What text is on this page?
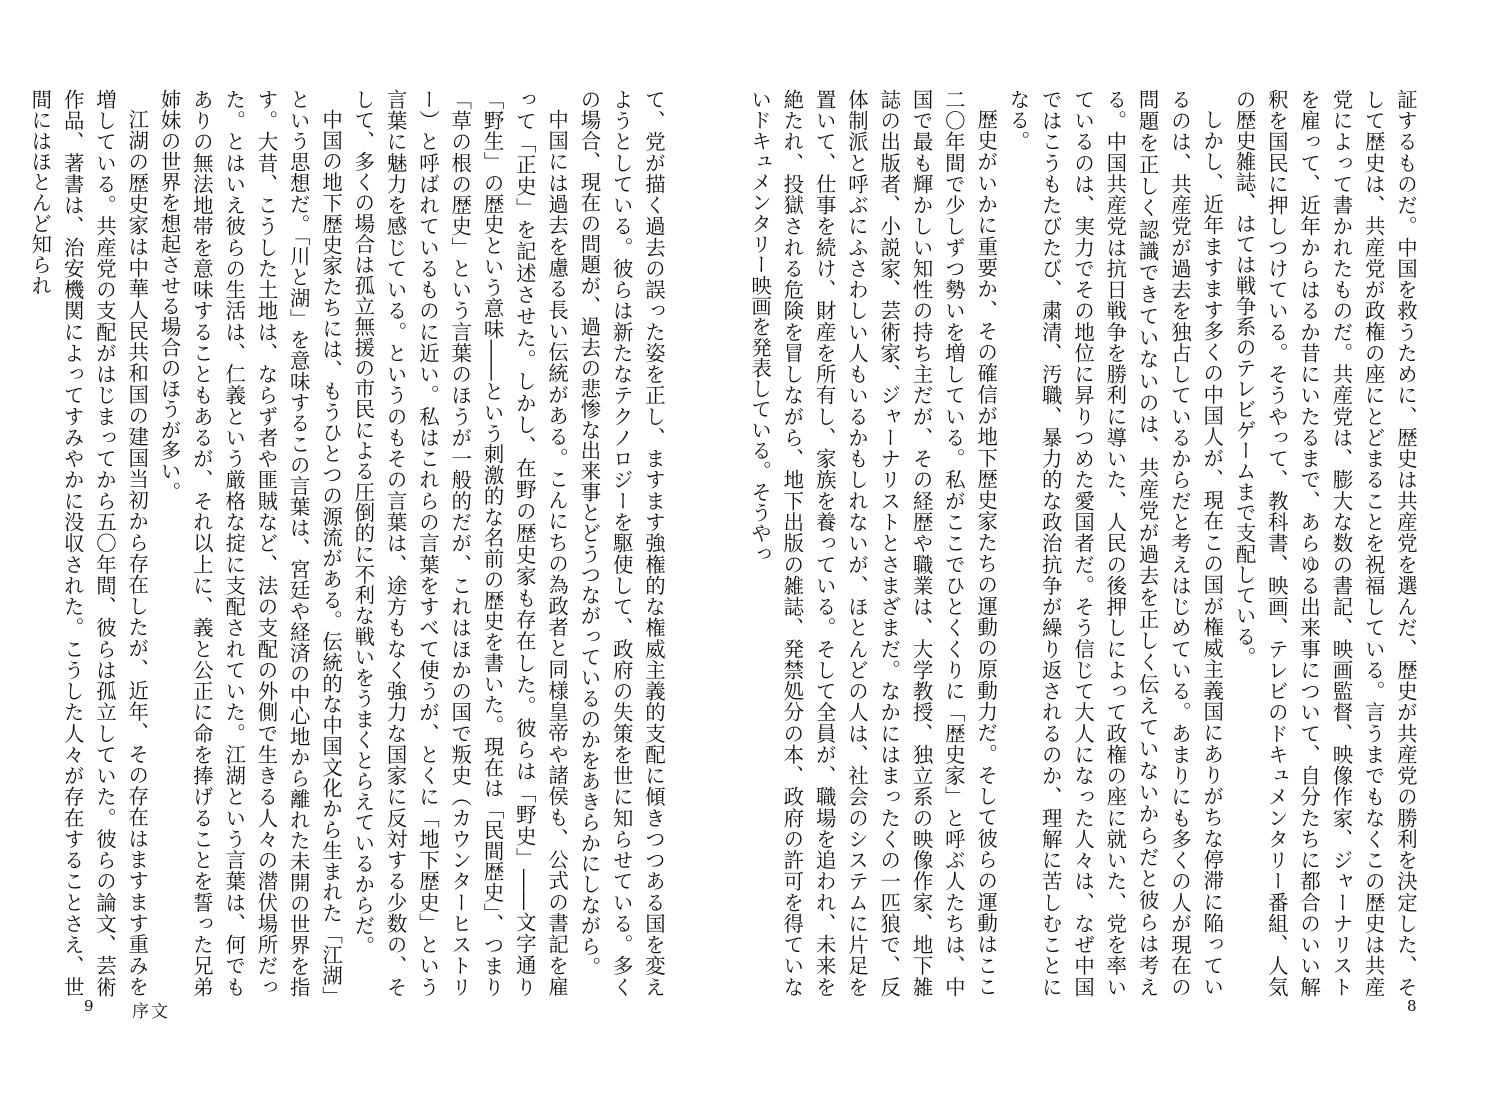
て、党が描く過去の誤った姿を正し、ますます強権的な権威主義的支配に傾きつつある国を変えようとしている。彼らは新たなテクノロジーを駆使して、政府の失策を世に知らせている。多くの場合、現在の問題が、過去の悲惨な出来事とどうつながっているのかをあきらかにしながら。

中国には過去を慮る長い伝統がある。こんにちの為政者と同様皇帝や諸侯も、公式の書記を雇って「正史」を記述させた。しかし、在野の歴史家も存在した。彼らは「野史」――文字通り「野生」の歴史という意味――という刺激的な名前の歴史を書いた。現在は「民間歴史」、つまり「草の根の歴史」という言葉のほうが一般的だが、これはほかの国で叛史（カウンターヒストリー）と呼ばれているものに近い。私はこれらの言葉をすべて使うが、とくに「地下歴史」という言葉に魅力を感じている。というのもその言葉は、途方もなく強力な国家に反対する少数の、そして、多くの場合は孤立無援の市民による圧倒的に不利な戦いをうまくとらえているからだ。

中国の地下歴史家たちには、もうひとつの源流がある。伝統的な中国文化から生まれた「江湖」という思想だ。「川と湖」を意味するこの言葉は、宮廷や経済の中心地から離れた未開の世界を指す。大昔、こうした土地は、ならず者や匪賊など、法の支配の外側で生きる人々の潜伏場所だった。とはいえ彼らの生活は、仁義という厳格な掟に支配されていた。江湖という言葉は、何でもありの無法地帯を意味することもあるが、それ以上に、義と公正に命を捧げることを誓った兄弟姉妹の世界を想起させる場合のほうが多い。

江湖の歴史家は中華人民共和国の建国当初から存在したが、近年、その存在はますます重みを増している。共産党の支配がはじまってから五〇年間、彼らは孤立していた。彼らの論文、芸術作品、著書は、治安機関によってすみやかに没収された。こうした人々が存在することさえ、世間にはほとんど知られ

9 序文

証するものだ。中国を救うために、歴史は共産党を選んだ、歴史が共産党の勝利を決定した、そして歴史は、共産党が政権の座にとどまることを祝福している。言うまでもなくこの歴史は共産党によって書かれたものだ。共産党は、膨大な数の書記、映画監督、映像作家、ジャーナリストを雇って、近年からはるか昔にいたるまで、あらゆる出来事について、自分たちに都合のいい解釈を国民に押しつけている。そうやって、教科書、映画、テレビのドキュメンタリー番組、人気の歴史雑誌、はては戦争系のテレビゲームまで支配している。

しかし、近年ますます多くの中国人が、現在この国が権威主義国にありがちな停滞に陥っているのは、共産党が過去を独占しているからだと考えはじめている。あまりにも多くの人が現在の問題を正しく認識できていないのは、共産党が過去を正しく伝えていないからだと彼らは考える。中国共産党は抗日戦争を勝利に導いた、人民の後押しによって政権の座に就いた、党を率いているのは、実力でその地位に昇りつめた愛国者だ。そう信じて大人になった人々は、なぜ中国ではこうもたびたび、粛清、汚職、暴力的な政治抗争が繰り返されるのか、理解に苦しむことになる。

歴史がいかに重要か、その確信が地下歴史家たちの運動の原動力だ。そして彼らの運動はここ二〇年間で少しずつ勢いを増している。私がここでひとくくりに「歴史家」と呼ぶ人たちは、中国で最も輝かしい知性の持ち主だが、その経歴や職業は、大学教授、独立系の映像作家、地下雑誌の出版者、小説家、芸術家、ジャーナリストとさまざまだ。なかにはまったくの一匹狼で、反体制派と呼ぶにふさわしい人もいるかもしれないが、ほとんどの人は、社会のシステムに片足を置いて、仕事を続け、財産を所有し、家族を養っている。そして全員が、職場を追われ、未来を絶たれ、投獄される危険を冒しながら、地下出版の雑誌、発禁処分の本、政府の許可を得ていないドキュメンタリー映画を発表している。そうやっ

8
